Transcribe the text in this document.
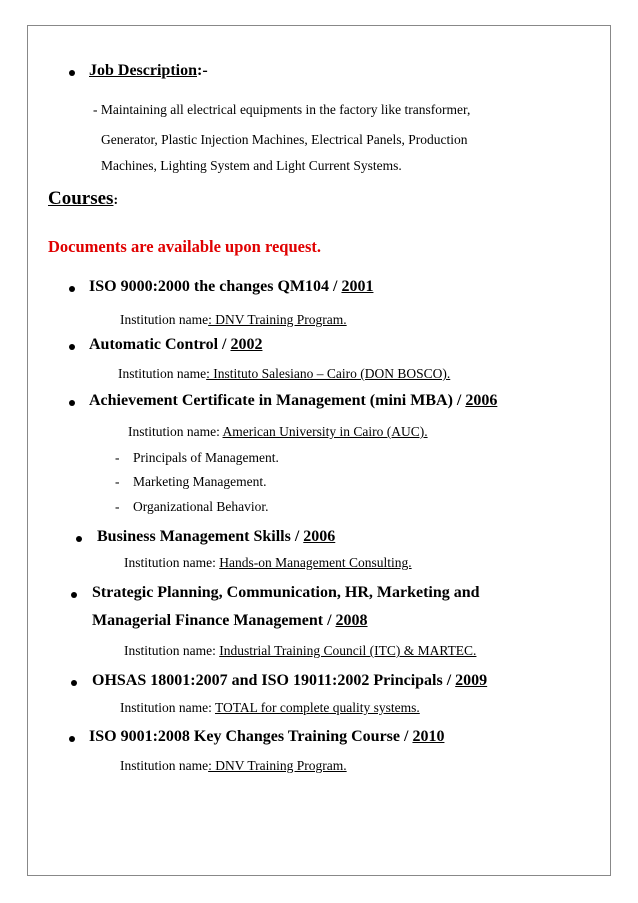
Job Description:-
- Maintaining all electrical equipments in the factory like transformer,
Generator, Plastic Injection Machines, Electrical Panels, Production
Machines, Lighting System and Light Current Systems.
Courses:
Documents are available upon request.
ISO 9000:2000 the changes QM104 / 2001
Institution name: DNV Training Program.
Automatic Control / 2002
Institution name: Instituto Salesiano – Cairo (DON BOSCO).
Achievement Certificate in Management (mini MBA) / 2006
Institution name: American University in Cairo (AUC).
- Principals of Management.
- Marketing Management.
- Organizational Behavior.
Business Management Skills / 2006
Institution name: Hands-on Management Consulting.
Strategic Planning, Communication, HR, Marketing and
Managerial Finance Management / 2008
Institution name: Industrial Training Council (ITC) & MARTEC.
OHSAS 18001:2007 and ISO 19011:2002 Principals / 2009
Institution name: TOTAL for complete quality systems.
ISO 9001:2008 Key Changes Training Course / 2010
Institution name: DNV Training Program.
